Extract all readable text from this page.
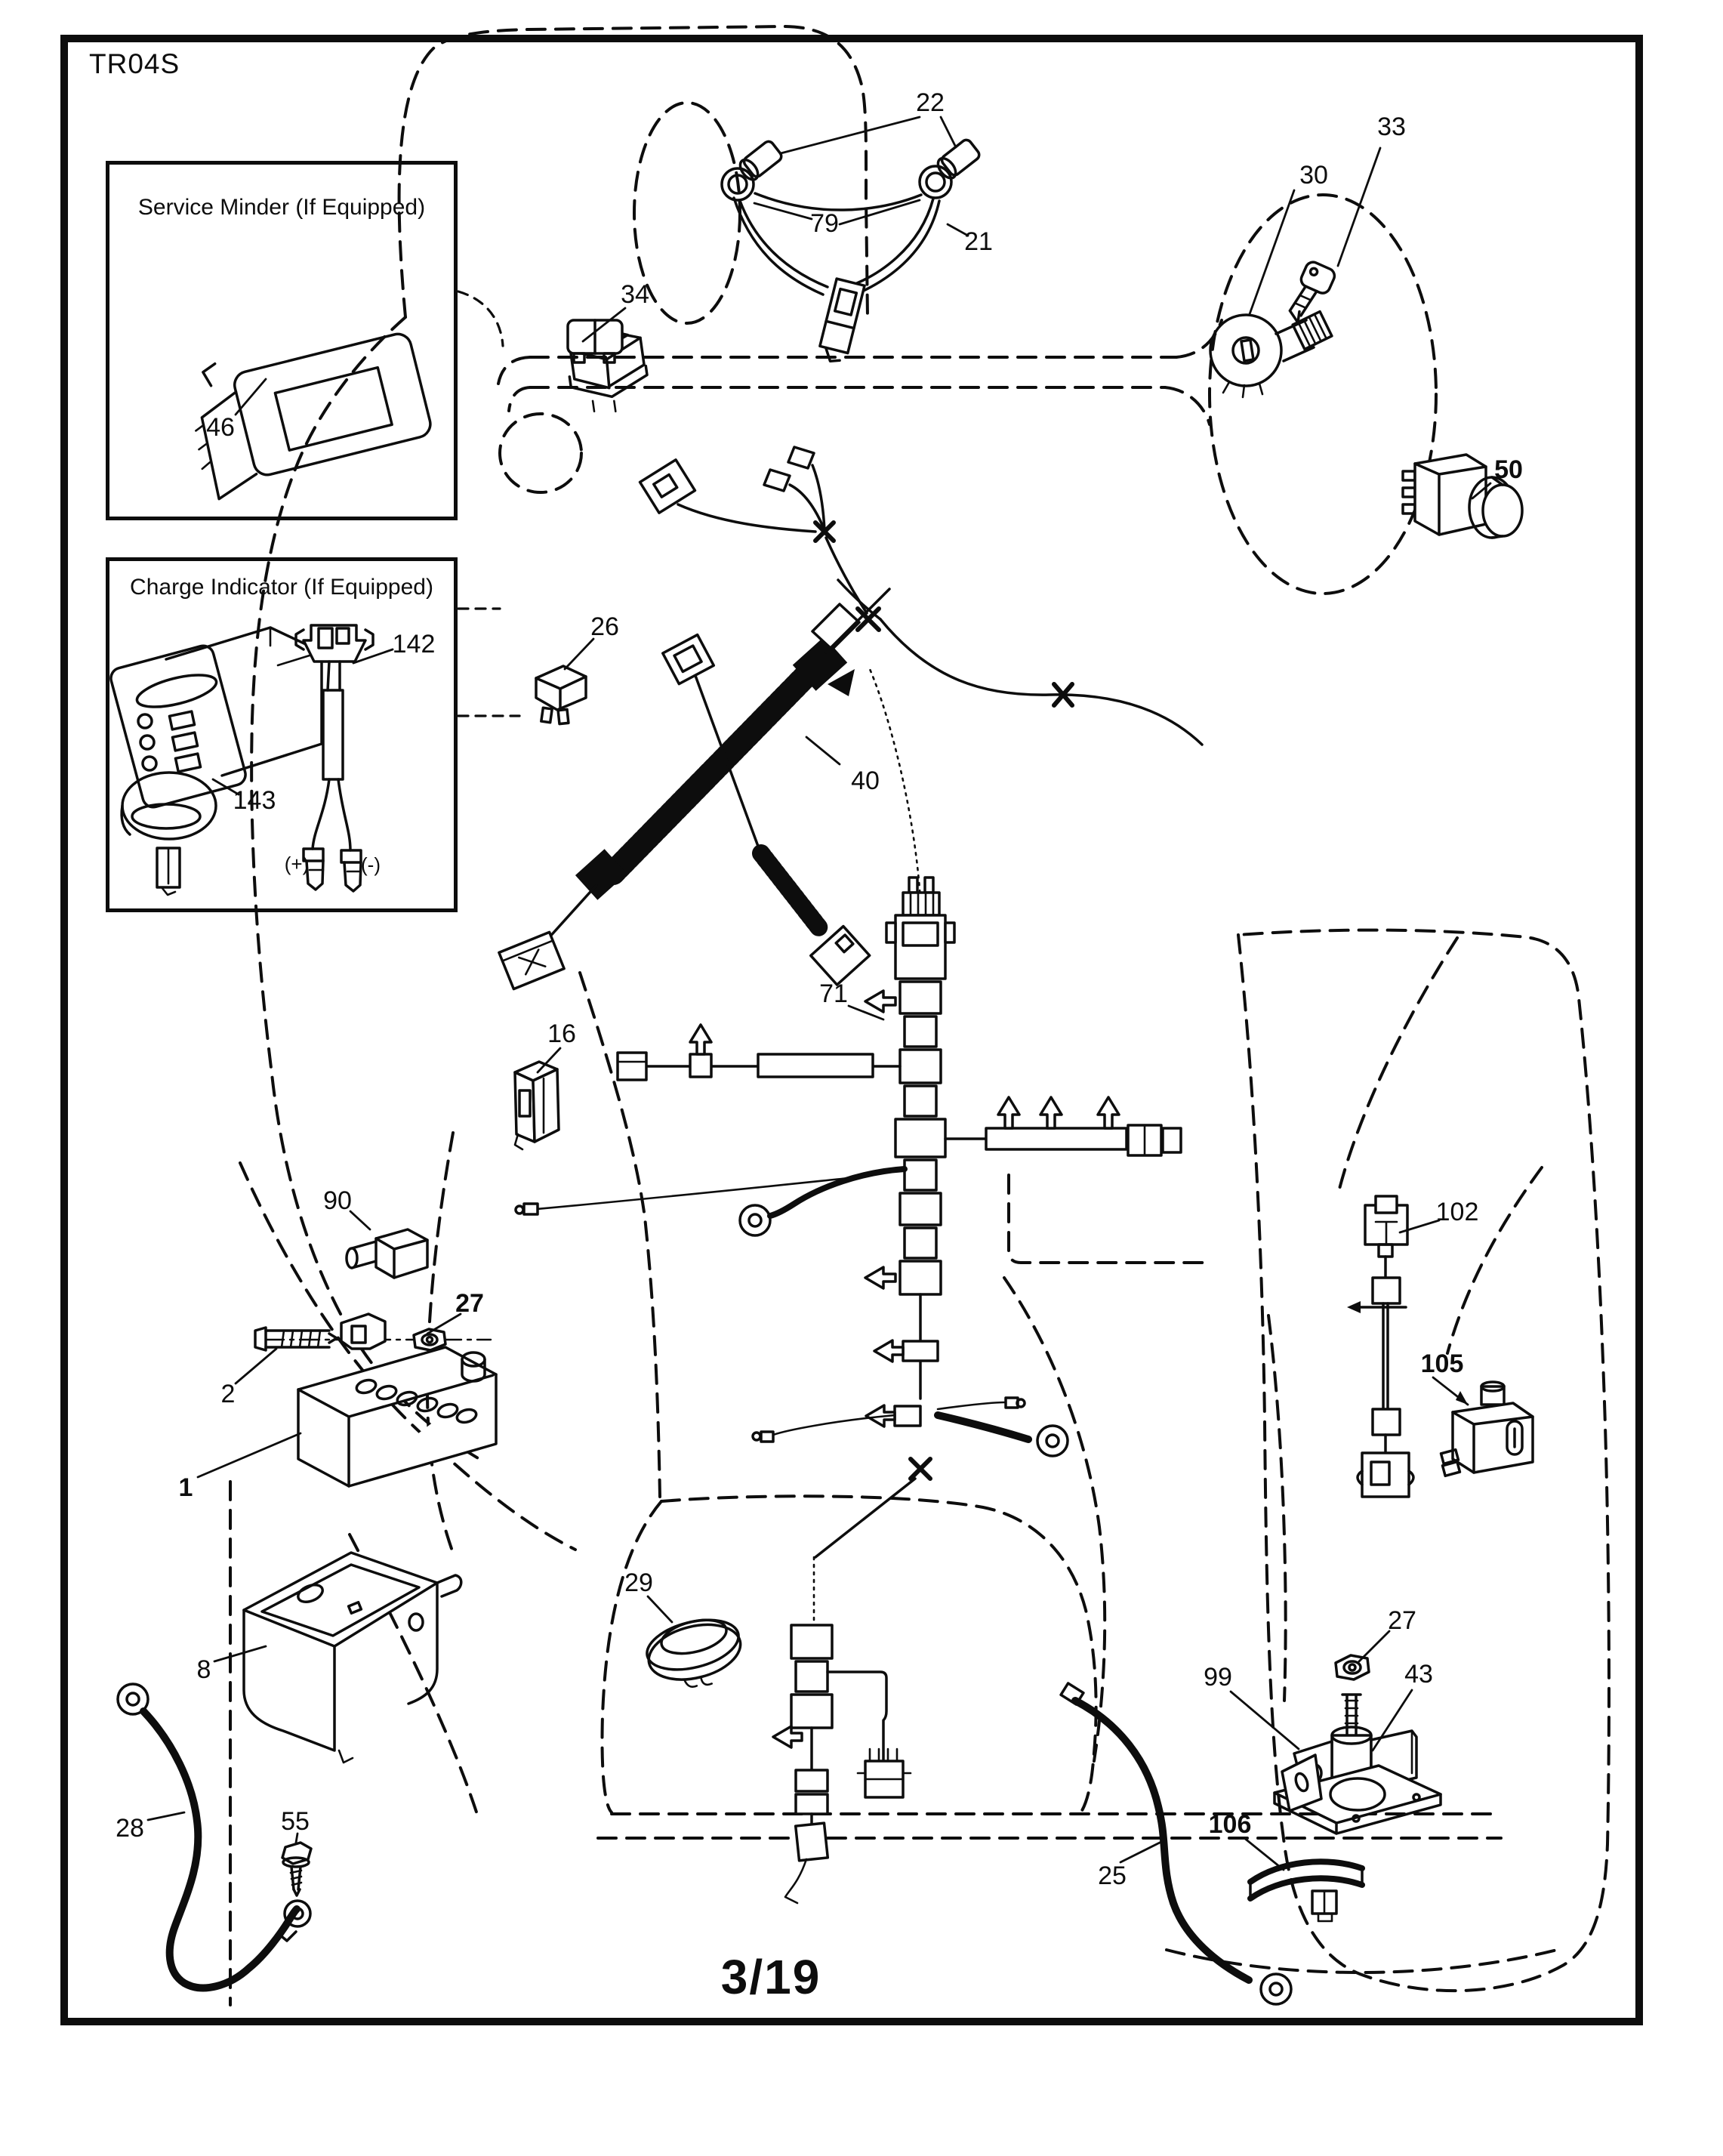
TR04S
Service Minder (If Equipped)
Charge Indicator (If Equipped)
22
79
21
34
30
33
50
26
40
46
142
143
(+)	(-)
16
71
90
27
2
1
8
29
28	55
102
105
99
27
43
106
25
3/19
